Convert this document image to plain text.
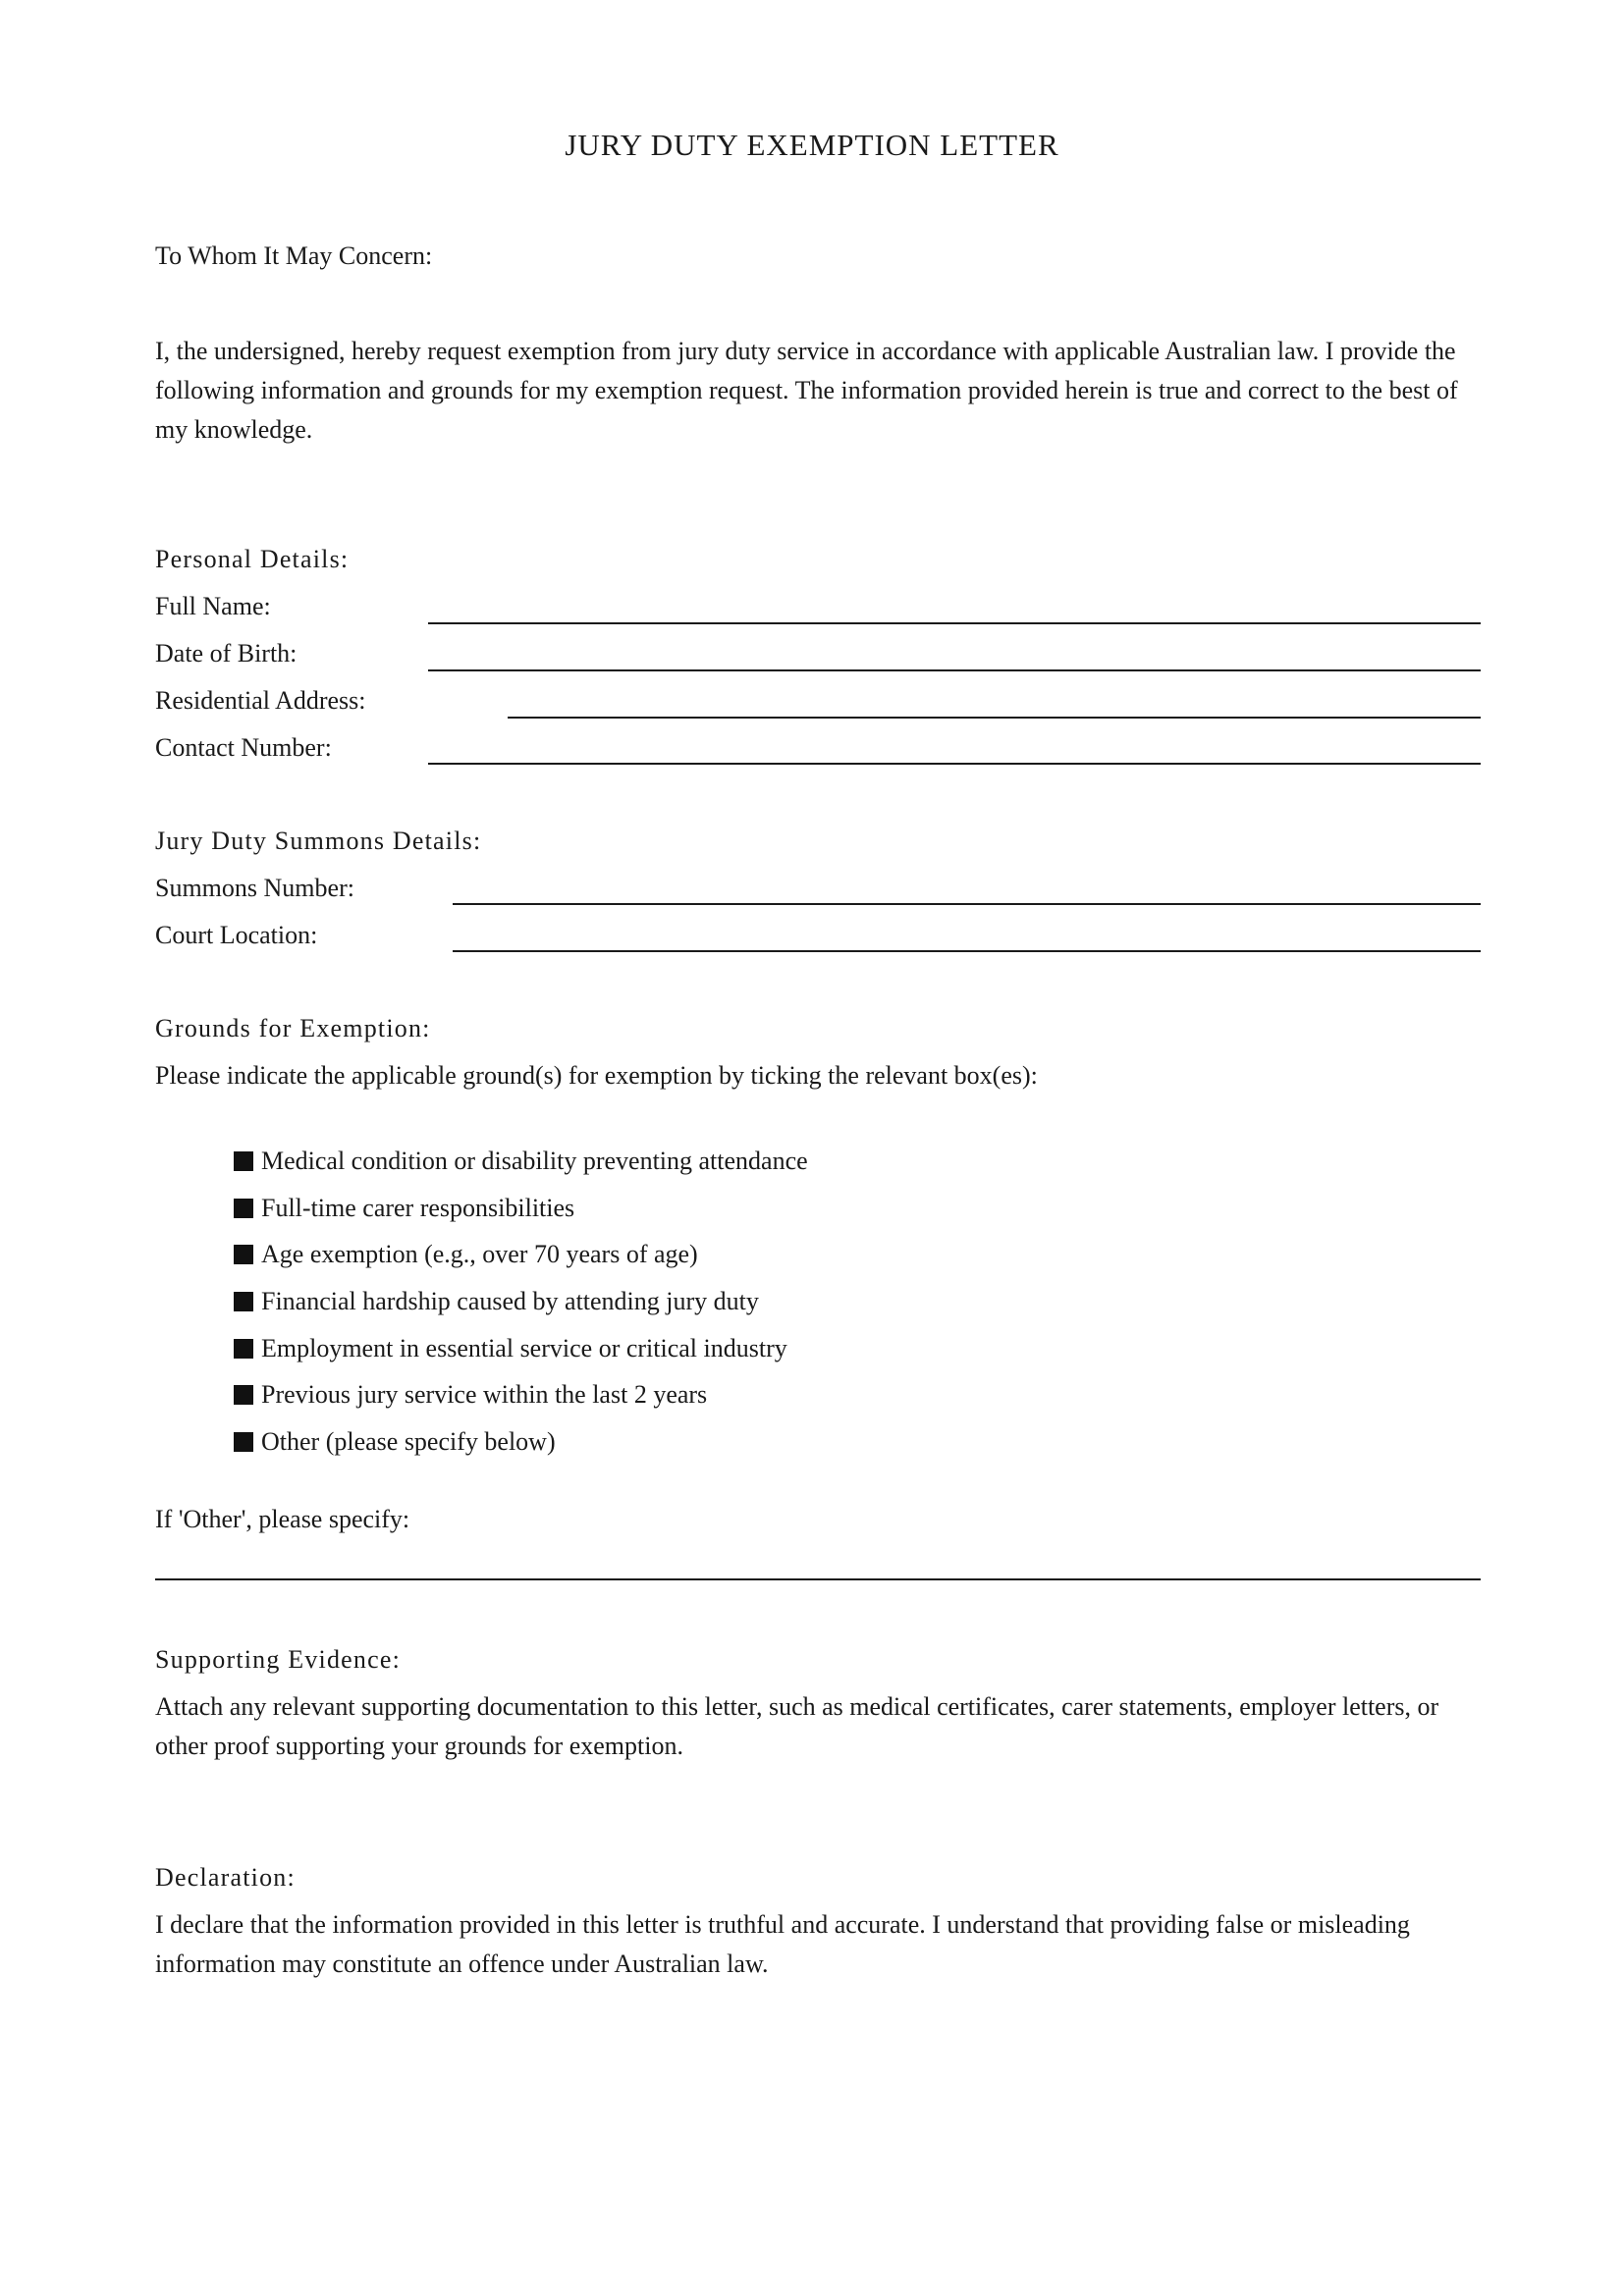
JURY DUTY EXEMPTION LETTER

To Whom It May Concern:

I, the undersigned, hereby request exemption from jury duty service in accordance with applicable Australian law. I provide the following information and grounds for my exemption request. The information provided herein is true and correct to the best of my knowledge.

Personal Details:

Full Name:

Date of Birth:

Residential Address:

Contact Number:

Jury Duty Summons Details:

Summons Number:

Court Location:

Grounds for Exemption:

Please indicate the applicable ground(s) for exemption by ticking the relevant box(es):

Medical condition or disability preventing attendance
Full-time carer responsibilities
Age exemption (e.g., over 70 years of age)
Financial hardship caused by attending jury duty
Employment in essential service or critical industry
Previous jury service within the last 2 years
Other (please specify below)

If 'Other', please specify:

Supporting Evidence:

Attach any relevant supporting documentation to this letter, such as medical certificates, carer statements, employer letters, or other proof supporting your grounds for exemption.

Declaration:

I declare that the information provided in this letter is truthful and accurate. I understand that providing false or misleading information may constitute an offence under Australian law.
